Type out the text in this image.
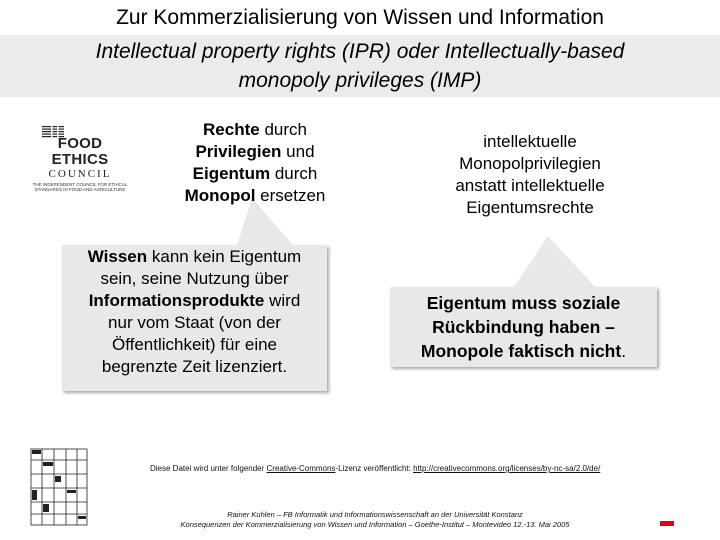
Zur Kommerzialisierung von Wissen und Information
Intellectual property rights (IPR) oder Intellectually-based
monopoly privileges (IMP)
FOOD ETHICS
COUNCIL
THE INDEPENDENT COUNCIL FOR ETHICAL
STANDARDS IN FOOD AND AGRICULTURE
Rechte durch
Privilegien und
Eigentum durch
Monopol ersetzen
intellektuelle
Monopolprivilegien
anstatt intellektuelle
Eigentumsrechte
Wissen kann kein Eigentum
sein, seine Nutzung über
Informationsprodukte wird
nur vom Staat (von der
Öffentlichkeit) für eine
begrenzte Zeit lizenziert.
Eigentum muss soziale
Rückbindung haben –
Monopole faktisch nicht.
Diese Datei wird unter folgender Creative-Commons-Lizenz veröffentlicht: http://creativecommons.org/licenses/by-nc-sa/2.0/de/
Rainer Kuhlen – FB Informatik und Informationswissenschaft an der Universität Konstanz
Konsequenzen der Kommerzialisierung von Wissen und Information – Goethe-Institut – Montevideo 12.-13. Mai 2005
